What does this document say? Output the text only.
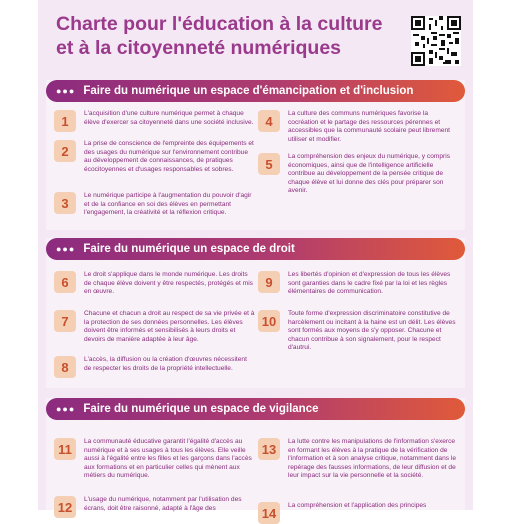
Charte pour l'éducation à la culture
et à la citoyenneté numériques
●●● Faire du numérique un espace d'émancipation et d'inclusion
1	L'acquisition d'une culture numérique permet à chaque élève d'exercer sa citoyenneté dans une société inclusive.
2	La prise de conscience de l'empreinte des équipements et des usages du numérique sur l'environnement contribue au développement de connaissances, de pratiques écocitoyennes et d'usages responsables et sobres.
3	Le numérique participe à l'augmentation du pouvoir d'agir et de la confiance en soi des élèves en permettant l'engagement, la créativité et la réflexion critique.
4	La culture des communs numériques favorise la cocréation et le partage des ressources pérennes et accessibles que la communauté scolaire peut librement utiliser et modifier.
5	La compréhension des enjeux du numérique, y compris économiques, ainsi que de l'intelligence artificielle contribue au développement de la pensée critique de chaque élève et lui donne des clés pour préparer son avenir.
●●● Faire du numérique un espace de droit
6	Le droit s'applique dans le monde numérique. Les droits de chaque élève doivent y être respectés, protégés et mis en œuvre.
7	Chacune et chacun a droit au respect de sa vie privée et à la protection de ses données personnelles. Les élèves doivent être informés et sensibilisés à leurs droits et devoirs de manière adaptée à leur âge.
8	L'accès, la diffusion ou la création d'œuvres nécessitent de respecter les droits de la propriété intellectuelle.
9	Les libertés d'opinion et d'expression de tous les élèves sont garanties dans le cadre fixé par la loi et les règles élémentaires de communication.
10	Toute forme d'expression discriminatoire constitutive de harcèlement ou incitant à la haine est un délit. Les élèves sont formés aux moyens de s'y opposer. Chacune et chacun contribue à son signalement, pour le respect d'autrui.
●●● Faire du numérique un espace de vigilance
11	La communauté éducative garantit l'égalité d'accès au numérique et à ses usages à tous les élèves. Elle veille aussi à l'égalité entre les filles et les garçons dans l'accès aux formations et en particulier celles qui mènent aux métiers du numérique.
12	L'usage du numérique, notamment par l'utilisation des écrans, doit être raisonné, adapté à l'âge des
13	La lutte contre les manipulations de l'information s'exerce en formant les élèves à la pratique de la vérification de l'information et à son analyse critique, notamment dans le repérage des fausses informations, de leur diffusion et de leur impact sur la vie personnelle et la société.
14	La compréhension et l'application des principes
